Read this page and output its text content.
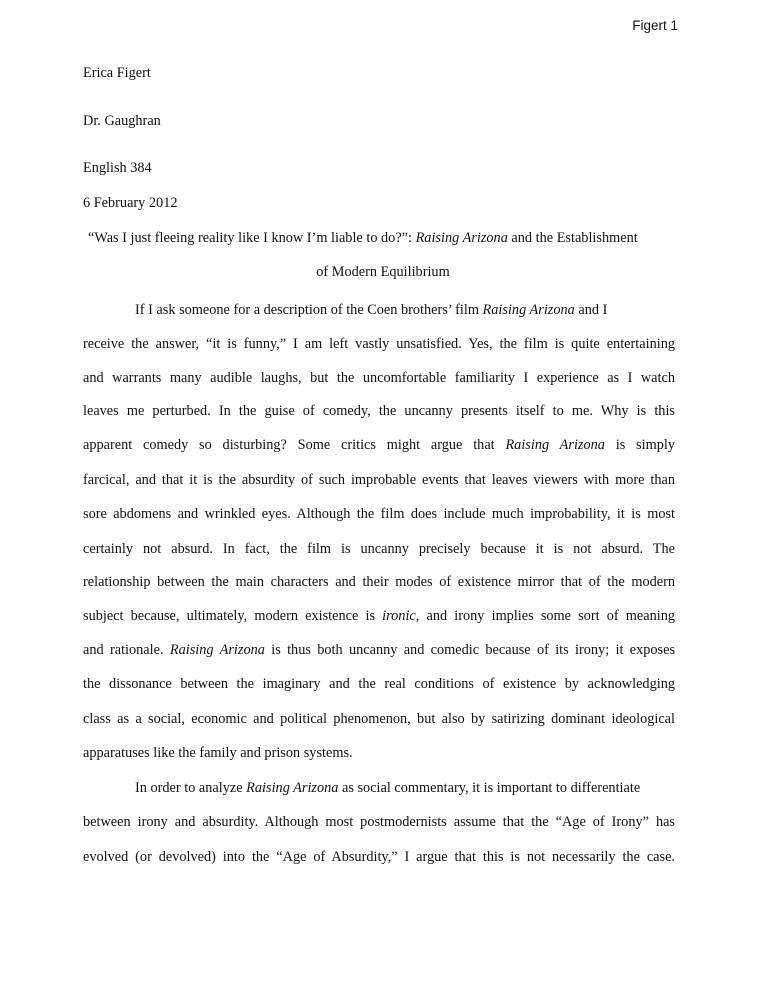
Figert 1
Erica Figert
Dr. Gaughran
English 384
6 February 2012
“Was I just fleeing reality like I know I’m liable to do?”: Raising Arizona and the Establishment
of Modern Equilibrium
If I ask someone for a description of the Coen brothers’ film Raising Arizona and I
receive the answer, “it is funny,” I am left vastly unsatisfied. Yes, the film is quite entertaining
and warrants many audible laughs, but the uncomfortable familiarity I experience as I watch
leaves me perturbed. In the guise of comedy, the uncanny presents itself to me. Why is this
apparent comedy so disturbing? Some critics might argue that Raising Arizona is simply
farcical, and that it is the absurdity of such improbable events that leaves viewers with more than
sore abdomens and wrinkled eyes. Although the film does include much improbability, it is most
certainly not absurd. In fact, the film is uncanny precisely because it is not absurd. The
relationship between the main characters and their modes of existence mirror that of the modern
subject because, ultimately, modern existence is ironic, and irony implies some sort of meaning
and rationale. Raising Arizona is thus both uncanny and comedic because of its irony; it exposes
the dissonance between the imaginary and the real conditions of existence by acknowledging
class as a social, economic and political phenomenon, but also by satirizing dominant ideological
apparatuses like the family and prison systems.
In order to analyze Raising Arizona as social commentary, it is important to differentiate
between irony and absurdity. Although most postmodernists assume that the “Age of Irony” has
evolved (or devolved) into the “Age of Absurdity,” I argue that this is not necessarily the case.
